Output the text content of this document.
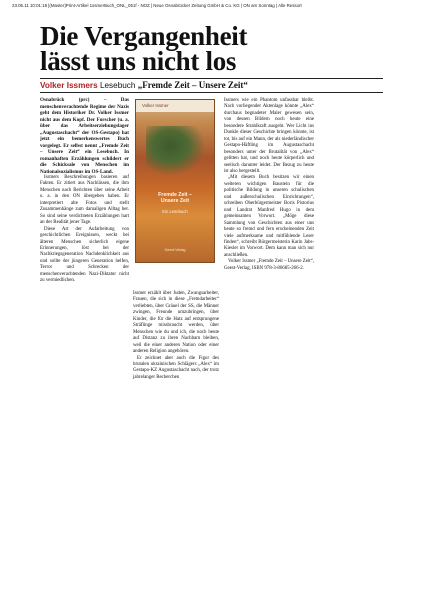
23.05.11 10:01:18 |(Master)Print-Artikel 1ssmerBuch_ONL_051f - NOZ | Neue Osnabrücker Zeitung GmbH & Co. KG | ON am Sonntag | Alle Ressort
Die Vergangenheit
lässt uns nicht los
Volker Issmers Lesebuch „Fremde Zeit – Unsere Zeit“

Osnabrück (prc) – Das menschenverachtende Regime der Nazis geht dem Historiker Dr. Volker Issmer nicht aus dem Kopf. Der Forscher (u. a. über das Arbeitserziehungslager „Augustaschacht“ der OS-Gestapo) hat jetzt ein bemerkenswertes Buch vorgelegt. Er selbst nennt „Fremde Zeit – Unsere Zeit“ ein Lesebuch. In romanhaften Erzählungen schildert er die Schicksale von Menschen im Nationalsozialismus im OS-Land.

Issmers Beschreibungen basieren auf Fakten. Er zitiert aus Nachlässen, die ihm Menschen nach Berichten über seine Arbeit u. a. in den ON übergeben haben. Er interpretiert alte Fotos und stellt Zusammenhänge zum damaligen Alltag her. So sind seine verdichteten Erzählungen hart an der Realität jener Tage.

Diese Art der Aufarbeitung von geschichtlichen Ereignissen, weckt bei älteren Menschen sicherlich eigene Erinnerungen, löst bei der Nachkriegsgeneration Nachdenklichkeit aus und sollte der jüngeren Generation helfen, Terror und Schrecken der menschenverachtenden Nazi-Diktatur nicht zu vermiedlichen.

Volker Issmer
Fremde Zeit –
Unsere Zeit
Ein Lesebuch
Geest-Verlag

Issmer erzählt über Juden, Zwangsarbeiter, Frauen, die sich in diese „Fremdarbeiter“ verliebten, über Gräuel der SS, die Männer zwingen, Freunde umzubringen, über Kinder, die für die Hatz auf entsprungene Sträflinge missbraucht werden, über Menschen wie du und ich, die noch heute auf Distanz zu ihren Nachbarn bleiben, weil die einer anderen Nation oder einer anderen Religion angehören.

Er zeichnet aber auch die Figur des brutalen ukrainischen Schlägers „Alex“ im Gestapo-KZ Augustaschacht nach, der trotz jahrelanger Recherchen

Issmers wie ein Phantom unfassbar bleibt. Nach vorliegender Aktenlage könnte „Alex“ durchaus begnadeter Maler gewesen sein, von dessen Bildern noch heute eine besondere Strahlkraft ausgeht. Wer Licht ins Dunkle dieser Geschichte bringen könnte, ist tot, bis auf ein Mann, der als niederländischer Gestapo-Häftling im Augustaschacht besonders unter der Brutalität von „Alex“ gelitten hat, und noch heute körperlich und seelisch darunter leidet. Der Bezug zu heute ist also hergestellt.

„Mit diesem Buch besitzen wir einen weiteren wichtigen Baustein für die politische Bildung in unseren schulischen und außerschulischen Einrichtungen“, schreiben Oberbürgermeister Boris Pistorius und Landrat Manfred Hugo in dem gemeinsamen Vorwort. „Möge diese Sammlung von Geschichten aus einer uns heute so fremd und fern erscheinenden Zeit viele aufmerksame und mitfühlende Leser finden“, schreibt Bürgermeisterin Karin Jabs-Kiesler im Vorwort. Dem kann man sich nur anschließen.

Volker Issmer „Fremde Zeit – Unsere Zeit“, Geest-Verlag, ISBN 978-3-86685-266-2.
